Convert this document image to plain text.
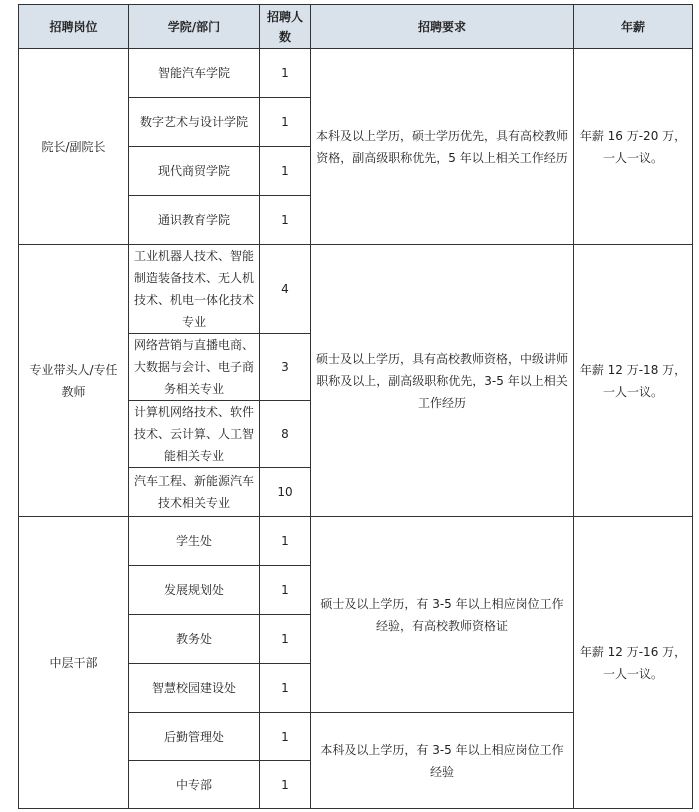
招聘岗位	学院/部门	招聘人数	招聘要求	年薪
院长/副院长	智能汽车学院	1	本科及以上学历，硕士学历优先，具有高校教师资格，副高级职称优先，5 年以上相关工作经历	年薪 16 万-20 万，一人一议。
	数字艺术与设计学院	1		
	现代商贸学院	1		
	通识教育学院	1		
专业带头人/专任教师	工业机器人技术、智能制造装备技术、无人机技术、机电一体化技术专业	4	硕士及以上学历，具有高校教师资格，中级讲师职称及以上，副高级职称优先，3-5 年以上相关工作经历	年薪 12 万-18 万，一人一议。
	网络营销与直播电商、大数据与会计、电子商务相关专业	3		
	计算机网络技术、软件技术、云计算、人工智能相关专业	8		
	汽车工程、新能源汽车技术相关专业	10		
中层干部	学生处	1	硕士及以上学历，有 3-5 年以上相应岗位工作经验，有高校教师资格证	年薪 12 万-16 万，一人一议。
	发展规划处	1		
	教务处	1		
	智慧校园建设处	1		
	后勤管理处	1	本科及以上学历，有 3-5 年以上相应岗位工作经验	
	中专部	1		
